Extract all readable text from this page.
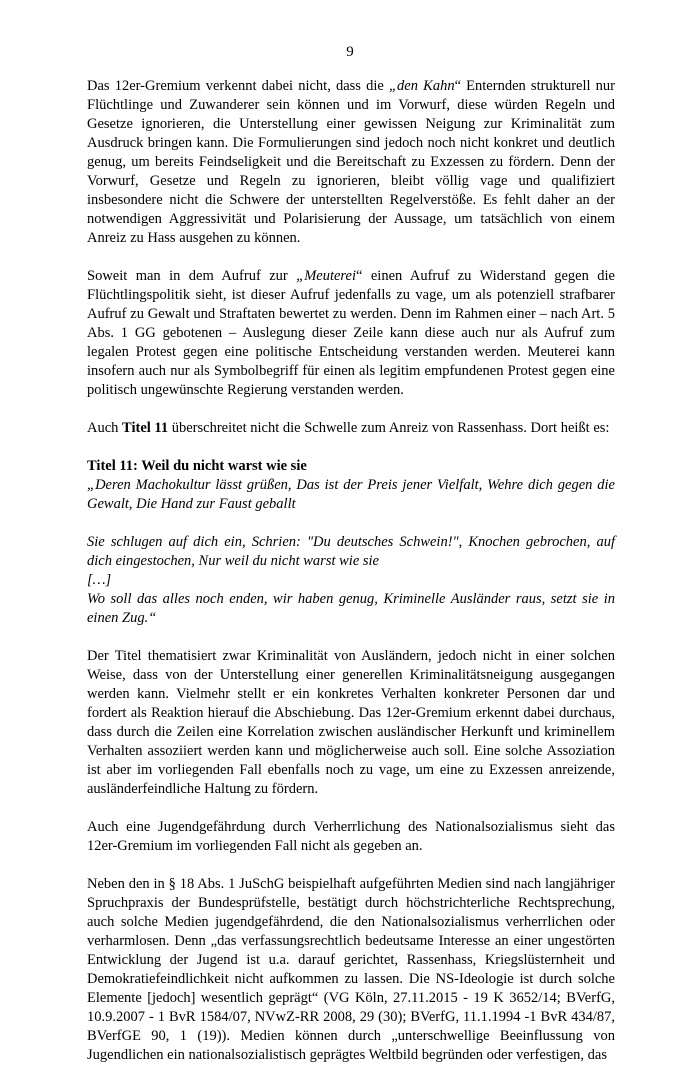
9

Das 12er-Gremium verkennt dabei nicht, dass die „den Kahn“ Enternden strukturell nur Flüchtlinge und Zuwanderer sein können und im Vorwurf, diese würden Regeln und Gesetze ignorieren, die Unterstellung einer gewissen Neigung zur Kriminalität zum Ausdruck bringen kann. Die Formulierungen sind jedoch noch nicht konkret und deutlich genug, um bereits Feindseligkeit und die Bereitschaft zu Exzessen zu fördern. Denn der Vorwurf, Gesetze und Regeln zu ignorieren, bleibt völlig vage und qualifiziert insbesondere nicht die Schwere der unterstellten Regelverstöße. Es fehlt daher an der notwendigen Aggressivität und Polarisierung der Aussage, um tatsächlich von einem Anreiz zu Hass ausgehen zu können.

Soweit man in dem Aufruf zur „Meuterei“ einen Aufruf zu Widerstand gegen die Flüchtlingspolitik sieht, ist dieser Aufruf jedenfalls zu vage, um als potenziell strafbarer Aufruf zu Gewalt und Straftaten bewertet zu werden. Denn im Rahmen einer – nach Art. 5 Abs. 1 GG gebotenen – Auslegung dieser Zeile kann diese auch nur als Aufruf zum legalen Protest gegen eine politische Entscheidung verstanden werden. Meuterei kann insofern auch nur als Symbolbegriff für einen als legitim empfundenen Protest gegen eine politisch ungewünschte Regierung verstanden werden.

Auch Titel 11 überschreitet nicht die Schwelle zum Anreiz von Rassenhass. Dort heißt es:

Titel 11: Weil du nicht warst wie sie

„Deren Machokultur lässt grüßen, Das ist der Preis jener Vielfalt, Wehre dich gegen die Gewalt, Die Hand zur Faust geballt

Sie schlugen auf dich ein, Schrien: "Du deutsches Schwein!", Knochen gebrochen, auf dich eingestochen, Nur weil du nicht warst wie sie

[…]

Wo soll das alles noch enden, wir haben genug, Kriminelle Ausländer raus, setzt sie in einen Zug.“

Der Titel thematisiert zwar Kriminalität von Ausländern, jedoch nicht in einer solchen Weise, dass von der Unterstellung einer generellen Kriminalitätsneigung ausgegangen werden kann. Vielmehr stellt er ein konkretes Verhalten konkreter Personen dar und fordert als Reaktion hierauf die Abschiebung. Das 12er-Gremium erkennt dabei durchaus, dass durch die Zeilen eine Korrelation zwischen ausländischer Herkunft und kriminellem Verhalten assoziiert werden kann und möglicherweise auch soll. Eine solche Assoziation ist aber im vorliegenden Fall ebenfalls noch zu vage, um eine zu Exzessen anreizende, ausländerfeindliche Haltung zu fördern.

Auch eine Jugendgefährdung durch Verherrlichung des Nationalsozialismus sieht das 12er-Gremium im vorliegenden Fall nicht als gegeben an.

Neben den in § 18 Abs. 1 JuSchG beispielhaft aufgeführten Medien sind nach langjähriger Spruchpraxis der Bundesprüfstelle, bestätigt durch höchstrichterliche Rechtsprechung, auch solche Medien jugendgefährdend, die den Nationalsozialismus verherrlichen oder verharmlosen. Denn „das verfassungsrechtlich bedeutsame Interesse an einer ungestörten Entwicklung der Jugend ist u.a. darauf gerichtet, Rassenhass, Kriegslüsternheit und Demokratiefeindlichkeit nicht aufkommen zu lassen. Die NS-Ideologie ist durch solche Elemente [jedoch] wesentlich geprägt“ (VG Köln, 27.11.2015 - 19 K 3652/14; BVerfG, 10.9.2007 - 1 BvR 1584/07, NVwZ-RR 2008, 29 (30); BVerfG, 11.1.1994 -1 BvR 434/87, BVerfGE 90, 1 (19)). Medien können durch „unterschwellige Beeinflussung von Jugendlichen ein nationalsozialistisch geprägtes Weltbild begründen oder verfestigen, das
